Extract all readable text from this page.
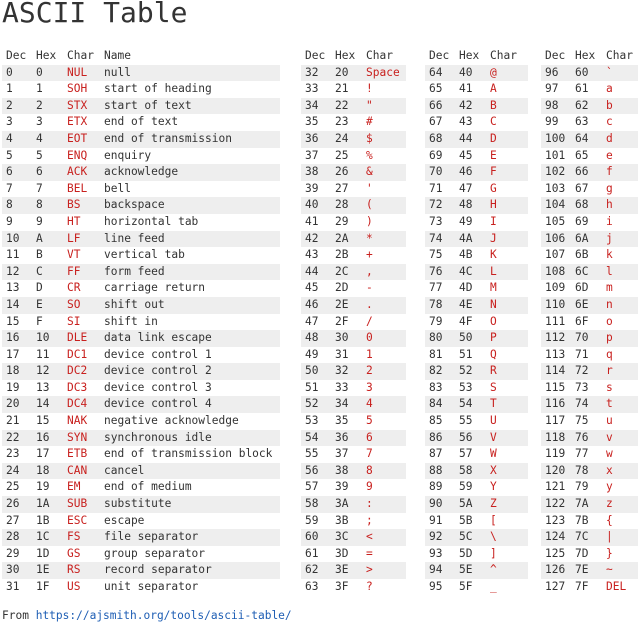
ASCII Table
Dec	Hex	Char	Name
0	0	NUL	null
1	1	SOH	start of heading
2	2	STX	start of text
3	3	ETX	end of text
4	4	EOT	end of transmission
5	5	ENQ	enquiry
6	6	ACK	acknowledge
7	7	BEL	bell
8	8	BS	backspace
9	9	HT	horizontal tab
10	A	LF	line feed
11	B	VT	vertical tab
12	C	FF	form feed
13	D	CR	carriage return
14	E	SO	shift out
15	F	SI	shift in
16	10	DLE	data link escape
17	11	DC1	device control 1
18	12	DC2	device control 2
19	13	DC3	device control 3
20	14	DC4	device control 4
21	15	NAK	negative acknowledge
22	16	SYN	synchronous idle
23	17	ETB	end of transmission block
24	18	CAN	cancel
25	19	EM	end of medium
26	1A	SUB	substitute
27	1B	ESC	escape
28	1C	FS	file separator
29	1D	GS	group separator
30	1E	RS	record separator
31	1F	US	unit separator
Dec	Hex	Char
32	20	Space
33	21	!
34	22	"
35	23	#
36	24	$
37	25	%
38	26	&
39	27	'
40	28	(
41	29	)
42	2A	*
43	2B	+
44	2C	,
45	2D	-
46	2E	.
47	2F	/
48	30	0
49	31	1
50	32	2
51	33	3
52	34	4
53	35	5
54	36	6
55	37	7
56	38	8
57	39	9
58	3A	:
59	3B	;
60	3C	<
61	3D	=
62	3E	>
63	3F	?
Dec	Hex	Char
64	40	@
65	41	A
66	42	B
67	43	C
68	44	D
69	45	E
70	46	F
71	47	G
72	48	H
73	49	I
74	4A	J
75	4B	K
76	4C	L
77	4D	M
78	4E	N
79	4F	O
80	50	P
81	51	Q
82	52	R
83	53	S
84	54	T
85	55	U
86	56	V
87	57	W
88	58	X
89	59	Y
90	5A	Z
91	5B	[
92	5C	\
93	5D	]
94	5E	^
95	5F	_
Dec	Hex	Char
96	60	`
97	61	a
98	62	b
99	63	c
100	64	d
101	65	e
102	66	f
103	67	g
104	68	h
105	69	i
106	6A	j
107	6B	k
108	6C	l
109	6D	m
110	6E	n
111	6F	o
112	70	p
113	71	q
114	72	r
115	73	s
116	74	t
117	75	u
118	76	v
119	77	w
120	78	x
121	79	y
122	7A	z
123	7B	{
124	7C	|
125	7D	}
126	7E	~
127	7F	DEL
From https://ajsmith.org/tools/ascii-table/
